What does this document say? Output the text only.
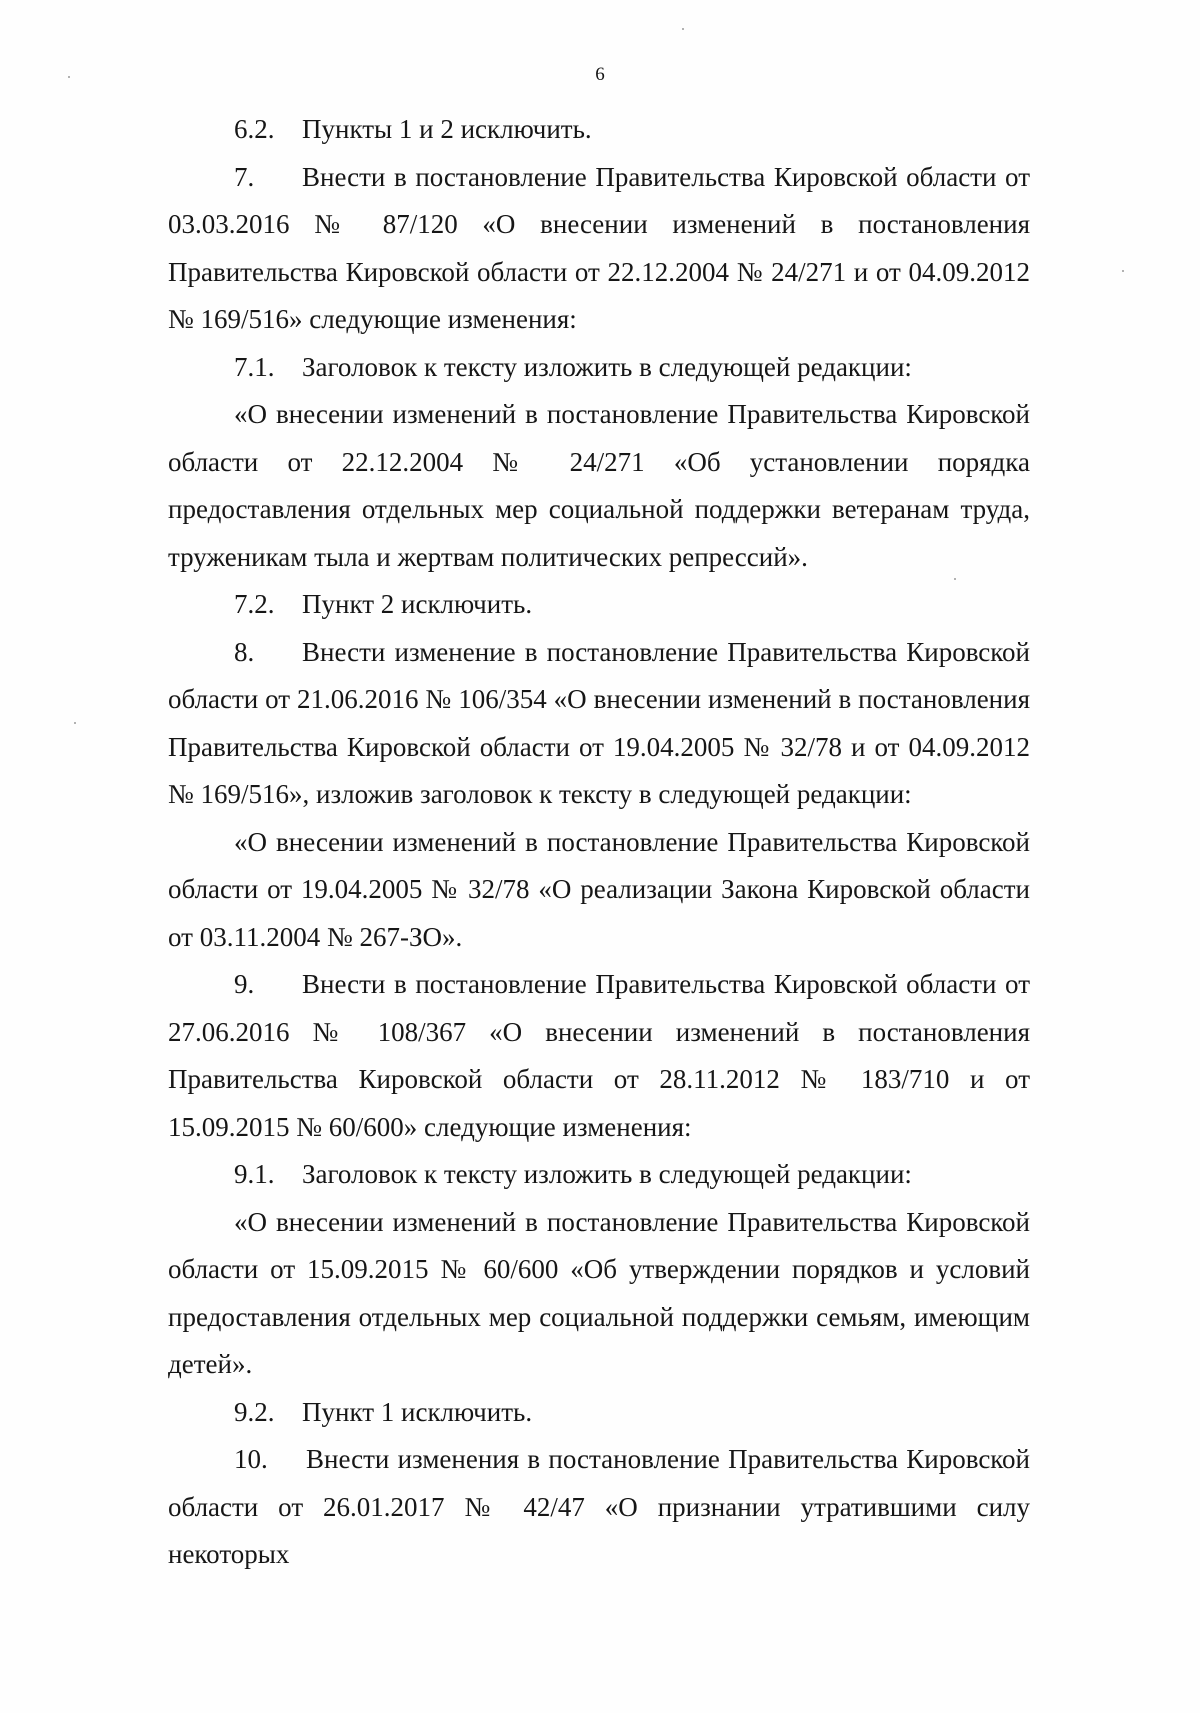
6

6.2. Пункты 1 и 2 исключить.

7. Внести в постановление Правительства Кировской области от 03.03.2016 № 87/120 «О внесении изменений в постановления Правительства Кировской области от 22.12.2004 № 24/271 и от 04.09.2012 № 169/516» следующие изменения:

7.1. Заголовок к тексту изложить в следующей редакции:

«О внесении изменений в постановление Правительства Кировской области от 22.12.2004 № 24/271 «Об установлении порядка предоставления отдельных мер социальной поддержки ветеранам труда, труженикам тыла и жертвам политических репрессий».

7.2. Пункт 2 исключить.

8. Внести изменение в постановление Правительства Кировской области от 21.06.2016 № 106/354 «О внесении изменений в постановления Правительства Кировской области от 19.04.2005 № 32/78 и от 04.09.2012 № 169/516», изложив заголовок к тексту в следующей редакции:

«О внесении изменений в постановление Правительства Кировской области от 19.04.2005 № 32/78 «О реализации Закона Кировской области от 03.11.2004 № 267-ЗО».

9. Внести в постановление Правительства Кировской области от 27.06.2016 № 108/367 «О внесении изменений в постановления Правительства Кировской области от 28.11.2012 № 183/710 и от 15.09.2015 № 60/600» следующие изменения:

9.1. Заголовок к тексту изложить в следующей редакции:

«О внесении изменений в постановление Правительства Кировской области от 15.09.2015 № 60/600 «Об утверждении порядков и условий предоставления отдельных мер социальной поддержки семьям, имеющим детей».

9.2. Пункт 1 исключить.

10. Внести изменения в постановление Правительства Кировской области от 26.01.2017 № 42/47 «О признании утратившими силу некоторых
